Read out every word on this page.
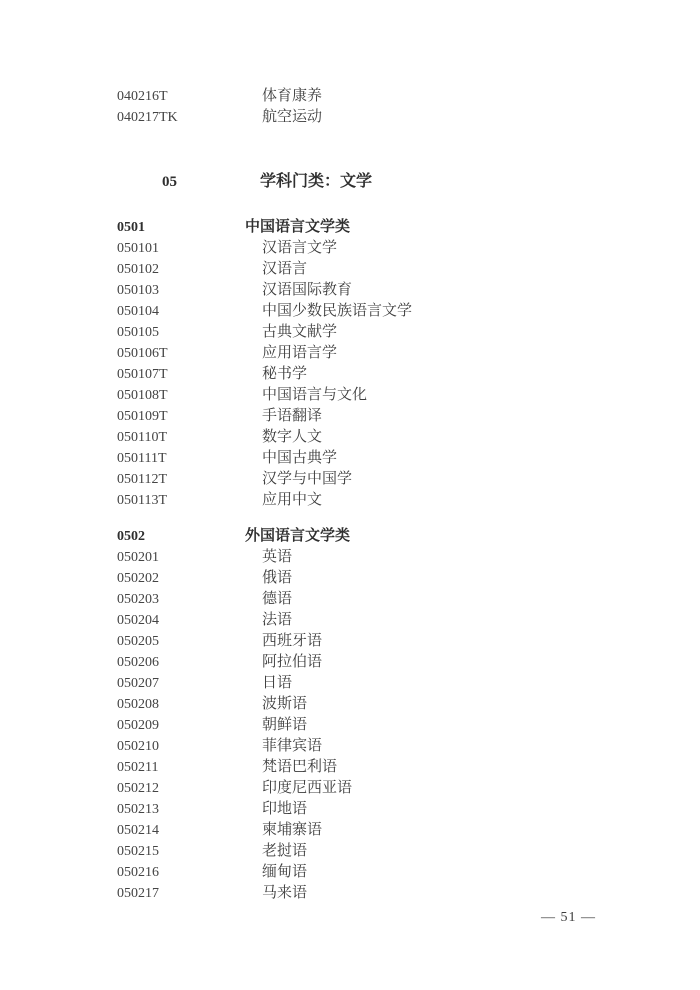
040216T	体育康养
040217TK	航空运动
05	学科门类：文学
0501	中国语言文学类
050101	汉语言文学
050102	汉语言
050103	汉语国际教育
050104	中国少数民族语言文学
050105	古典文献学
050106T	应用语言学
050107T	秘书学
050108T	中国语言与文化
050109T	手语翻译
050110T	数字人文
050111T	中国古典学
050112T	汉学与中国学
050113T	应用中文
0502	外国语言文学类
050201	英语
050202	俄语
050203	德语
050204	法语
050205	西班牙语
050206	阿拉伯语
050207	日语
050208	波斯语
050209	朝鲜语
050210	菲律宾语
050211	梵语巴利语
050212	印度尼西亚语
050213	印地语
050214	柬埔寨语
050215	老挝语
050216	缅甸语
050217	马来语
— 51 —
